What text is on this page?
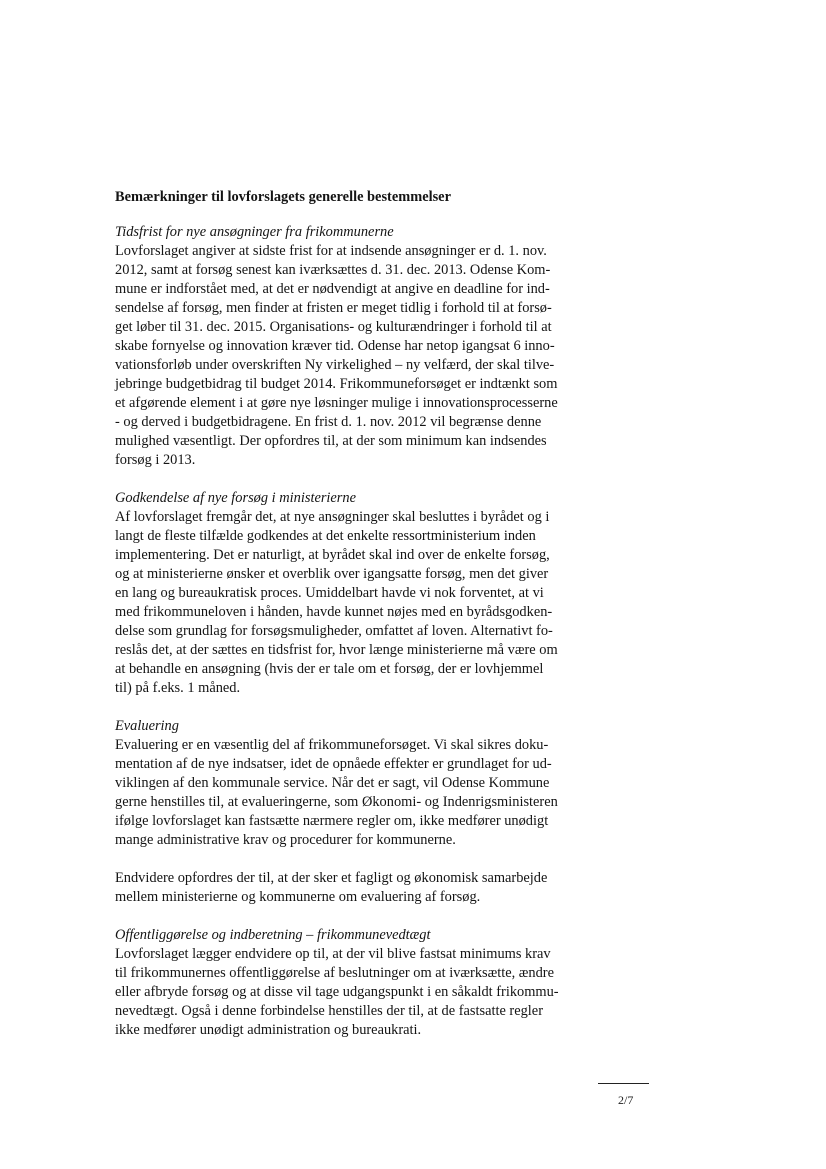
Bemærkninger til lovforslagets generelle bestemmelser
Tidsfrist for nye ansøgninger fra frikommunerne
Lovforslaget angiver at sidste frist for at indsende ansøgninger er d. 1. nov.
2012, samt at forsøg senest kan iværksættes d. 31. dec. 2013. Odense Kom-
mune er indforstået med, at det er nødvendigt at angive en deadline for ind-
sendelse af forsøg, men finder at fristen er meget tidlig i forhold til at forsø-
get løber til 31. dec. 2015. Organisations- og kulturændringer i forhold til at
skabe fornyelse og innovation kræver tid. Odense har netop igangsat 6 inno-
vationsforløb under overskriften Ny virkelighed – ny velfærd, der skal tilve-
jebringe budgetbidrag til budget 2014. Frikommuneforsøget er indtænkt som
et afgørende element i at gøre nye løsninger mulige i innovationsprocesserne
- og derved i budgetbidragene. En frist d. 1. nov. 2012 vil begrænse denne
mulighed væsentligt. Der opfordres til, at der som minimum kan indsendes
forsøg i 2013.
Godkendelse af nye forsøg i ministerierne
Af lovforslaget fremgår det, at nye ansøgninger skal besluttes i byrådet og i
langt de fleste tilfælde godkendes at det enkelte ressortministerium inden
implementering. Det er naturligt, at byrådet skal ind over de enkelte forsøg,
og at ministerierne ønsker et overblik over igangsatte forsøg, men det giver
en lang og bureaukratisk proces. Umiddelbart havde vi nok forventet, at vi
med frikommuneloven i hånden, havde kunnet nøjes med en byrådsgodken-
delse som grundlag for forsøgsmuligheder, omfattet af loven. Alternativt fo-
reslås det, at der sættes en tidsfrist for, hvor længe ministerierne må være om
at behandle en ansøgning (hvis der er tale om et forsøg, der er lovhjemmel
til) på f.eks. 1 måned.
Evaluering
Evaluering er en væsentlig del af frikommuneforsøget. Vi skal sikres doku-
mentation af de nye indsatser, idet de opnåede effekter er grundlaget for ud-
viklingen af den kommunale service. Når det er sagt, vil Odense Kommune
gerne henstilles til, at evalueringerne, som Økonomi- og Indenrigsministeren
ifølge lovforslaget kan fastsætte nærmere regler om, ikke medfører unødigt
mange administrative krav og procedurer for kommunerne.
Endvidere opfordres der til, at der sker et fagligt og økonomisk samarbejde
mellem ministerierne og kommunerne om evaluering af forsøg.
Offentliggørelse og indberetning – frikommunevedtægt
Lovforslaget lægger endvidere op til, at der vil blive fastsat minimums krav
til frikommunernes offentliggørelse af beslutninger om at iværksætte, ændre
eller afbryde forsøg og at disse vil tage udgangspunkt i en såkaldt frikommu-
nevedtægt. Også i denne forbindelse henstilles der til, at de fastsatte regler
ikke medfører unødigt administration og bureaukrati.
2/7
